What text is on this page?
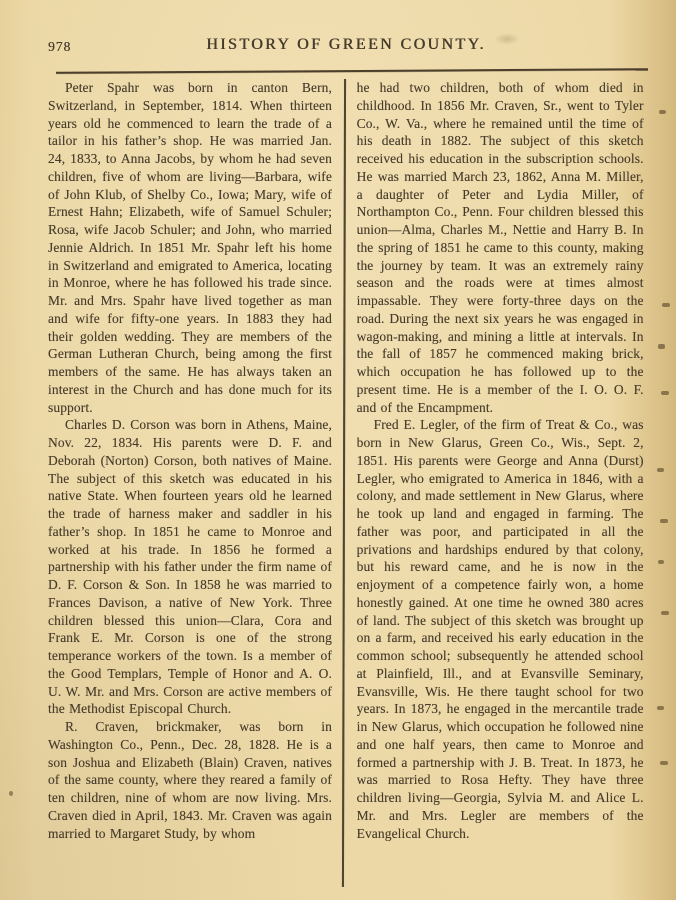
978	HISTORY OF GREEN COUNTY.

Peter Spahr was born in canton Bern, Switzerland, in September, 1814. When thirteen years old he commenced to learn the trade of a tailor in his father’s shop. He was married Jan. 24, 1833, to Anna Jacobs, by whom he had seven children, five of whom are living—Barbara, wife of John Klub, of Shelby Co., Iowa; Mary, wife of Ernest Hahn; Elizabeth, wife of Samuel Schuler; Rosa, wife Jacob Schuler; and John, who married Jennie Aldrich. In 1851 Mr. Spahr left his home in Switzerland and emigrated to America, locating in Monroe, where he has followed his trade since. Mr. and Mrs. Spahr have lived together as man and wife for fifty-one years. In 1883 they had their golden wedding. They are members of the German Lutheran Church, being among the first members of the same. He has always taken an interest in the Church and has done much for its support.

Charles D. Corson was born in Athens, Maine, Nov. 22, 1834. His parents were D. F. and Deborah (Norton) Corson, both natives of Maine. The subject of this sketch was educated in his native State. When fourteen years old he learned the trade of harness maker and saddler in his father’s shop. In 1851 he came to Monroe and worked at his trade. In 1856 he formed a partnership with his father under the firm name of D. F. Corson & Son. In 1858 he was married to Frances Davison, a native of New York. Three children blessed this union—Clara, Cora and Frank E. Mr. Corson is one of the strong temperance workers of the town. Is a member of the Good Templars, Temple of Honor and A. O. U. W. Mr. and Mrs. Corson are active members of the Methodist Episcopal Church.

R. Craven, brickmaker, was born in Washington Co., Penn., Dec. 28, 1828. He is a son Joshua and Elizabeth (Blain) Craven, natives of the same county, where they reared a family of ten children, nine of whom are now living. Mrs. Craven died in April, 1843. Mr. Craven was again married to Margaret Study, by whom

he had two children, both of whom died in childhood. In 1856 Mr. Craven, Sr., went to Tyler Co., W. Va., where he remained until the time of his death in 1882. The subject of this sketch received his education in the subscription schools. He was married March 23, 1862, Anna M. Miller, a daughter of Peter and Lydia Miller, of Northampton Co., Penn. Four children blessed this union—Alma, Charles M., Nettie and Harry B. In the spring of 1851 he came to this county, making the journey by team. It was an extremely rainy season and the roads were at times almost impassable. They were forty-three days on the road. During the next six years he was engaged in wagon-making, and mining a little at intervals. In the fall of 1857 he commenced making brick, which occupation he has followed up to the present time. He is a member of the I. O. O. F. and of the Encampment.

Fred E. Legler, of the firm of Treat & Co., was born in New Glarus, Green Co., Wis., Sept. 2, 1851. His parents were George and Anna (Durst) Legler, who emigrated to America in 1846, with a colony, and made settlement in New Glarus, where he took up land and engaged in farming. The father was poor, and participated in all the privations and hardships endured by that colony, but his reward came, and he is now in the enjoyment of a competence fairly won, a home honestly gained. At one time he owned 380 acres of land. The subject of this sketch was brought up on a farm, and received his early education in the common school; subsequently he attended school at Plainfield, Ill., and at Evansville Seminary, Evansville, Wis. He there taught school for two years. In 1873, he engaged in the mercantile trade in New Glarus, which occupation he followed nine and one half years, then came to Monroe and formed a partnership with J. B. Treat. In 1873, he was married to Rosa Hefty. They have three children living—Georgia, Sylvia M. and Alice L. Mr. and Mrs. Legler are members of the Evangelical Church.
